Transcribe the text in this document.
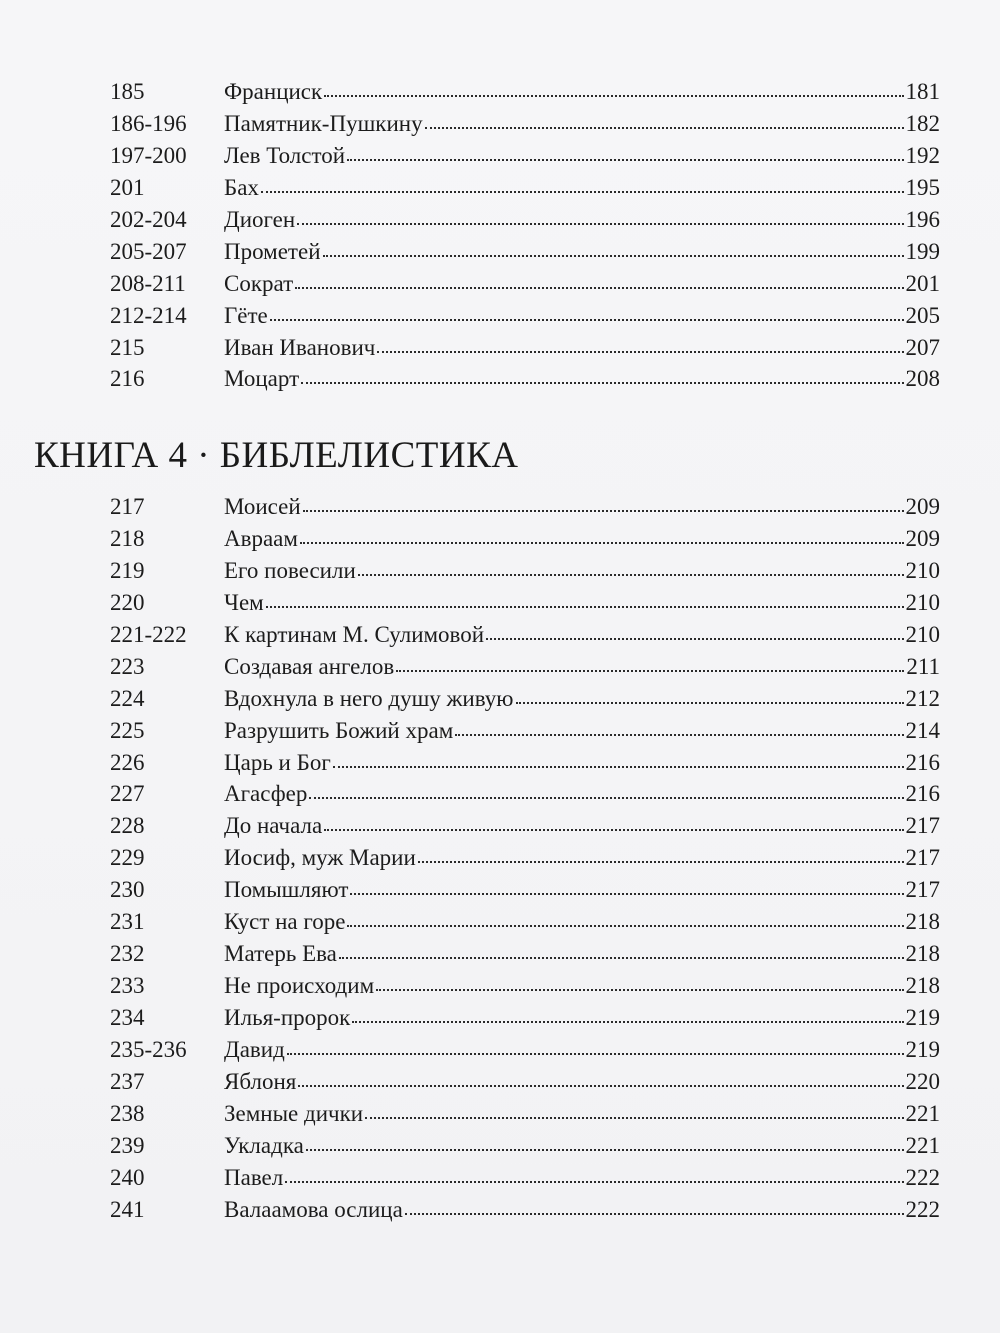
185	Франциск	181
186-196	Памятник-Пушкину	182
197-200	Лев Толстой	192
201	Бах	195
202-204	Диоген	196
205-207	Прометей	199
208-211	Сократ	201
212-214	Гёте	205
215	Иван Иванович	207
216	Моцарт	208
КНИГА 4 · БИБЛЕЛИСТИКА
217	Моисей	209
218	Авраам	209
219	Его повесили	210
220	Чем	210
221-222	К картинам М. Сулимовой	210
223	Создавая ангелов	211
224	Вдохнула в него душу живую	212
225	Разрушить Божий храм	214
226	Царь и Бог	216
227	Агасфер	216
228	До начала	217
229	Иосиф, муж Марии	217
230	Помышляют	217
231	Куст на горе	218
232	Матерь Ева	218
233	Не происходим	218
234	Илья-пророк	219
235-236	Давид	219
237	Яблоня	220
238	Земные дички	221
239	Укладка	221
240	Павел	222
241	Валаамова ослица	222
